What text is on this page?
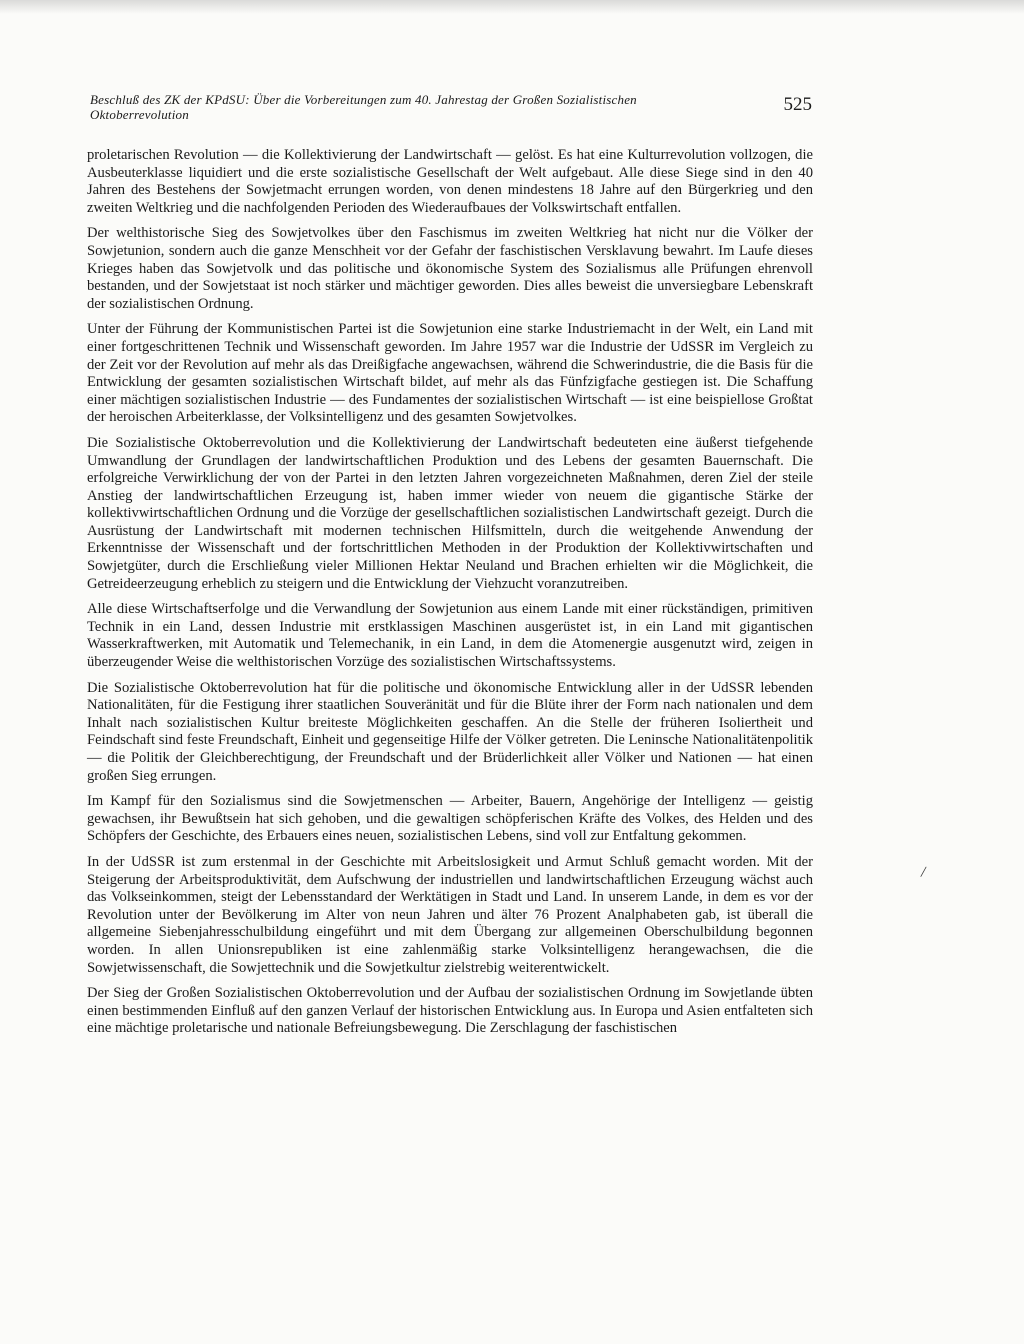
Beschluß des ZK der KPdSU: Über die Vorbereitungen zum 40. Jahrestag der Großen Sozialistischen Oktoberrevolution	525

proletarischen Revolution — die Kollektivierung der Landwirtschaft — gelöst. Es hat eine Kulturrevolution vollzogen, die Ausbeuterklasse liquidiert und die erste sozialistische Gesellschaft der Welt aufgebaut. Alle diese Siege sind in den 40 Jahren des Bestehens der Sowjetmacht errungen worden, von denen mindestens 18 Jahre auf den Bürgerkrieg und den zweiten Weltkrieg und die nachfolgenden Perioden des Wiederaufbaues der Volkswirtschaft entfallen.

Der welthistorische Sieg des Sowjetvolkes über den Faschismus im zweiten Weltkrieg hat nicht nur die Völker der Sowjetunion, sondern auch die ganze Menschheit vor der Gefahr der faschistischen Versklavung bewahrt. Im Laufe dieses Krieges haben das Sowjetvolk und das politische und ökonomische System des Sozialismus alle Prüfungen ehrenvoll bestanden, und der Sowjetstaat ist noch stärker und mächtiger geworden. Dies alles beweist die unversiegbare Lebenskraft der sozialistischen Ordnung.

Unter der Führung der Kommunistischen Partei ist die Sowjetunion eine starke Industriemacht in der Welt, ein Land mit einer fortgeschrittenen Technik und Wissenschaft geworden. Im Jahre 1957 war die Industrie der UdSSR im Vergleich zu der Zeit vor der Revolution auf mehr als das Dreißigfache angewachsen, während die Schwerindustrie, die die Basis für die Entwicklung der gesamten sozialistischen Wirtschaft bildet, auf mehr als das Fünfzigfache gestiegen ist. Die Schaffung einer mächtigen sozialistischen Industrie — des Fundamentes der sozialistischen Wirtschaft — ist eine beispiellose Großtat der heroischen Arbeiterklasse, der Volksintelligenz und des gesamten Sowjetvolkes.

Die Sozialistische Oktoberrevolution und die Kollektivierung der Landwirtschaft bedeuteten eine äußerst tiefgehende Umwandlung der Grundlagen der landwirtschaftlichen Produktion und des Lebens der gesamten Bauernschaft. Die erfolgreiche Verwirklichung der von der Partei in den letzten Jahren vorgezeichneten Maßnahmen, deren Ziel der steile Anstieg der landwirtschaftlichen Erzeugung ist, haben immer wieder von neuem die gigantische Stärke der kollektivwirtschaftlichen Ordnung und die Vorzüge der gesellschaftlichen sozialistischen Landwirtschaft gezeigt. Durch die Ausrüstung der Landwirtschaft mit modernen technischen Hilfsmitteln, durch die weitgehende Anwendung der Erkenntnisse der Wissenschaft und der fortschrittlichen Methoden in der Produktion der Kollektivwirtschaften und Sowjetgüter, durch die Erschließung vieler Millionen Hektar Neuland und Brachen erhielten wir die Möglichkeit, die Getreideerzeugung erheblich zu steigern und die Entwicklung der Viehzucht voranzutreiben.

Alle diese Wirtschaftserfolge und die Verwandlung der Sowjetunion aus einem Lande mit einer rückständigen, primitiven Technik in ein Land, dessen Industrie mit erstklassigen Maschinen ausgerüstet ist, in ein Land mit gigantischen Wasserkraftwerken, mit Automatik und Telemechanik, in ein Land, in dem die Atomenergie ausgenutzt wird, zeigen in überzeugender Weise die welthistorischen Vorzüge des sozialistischen Wirtschaftssystems.

Die Sozialistische Oktoberrevolution hat für die politische und ökonomische Entwicklung aller in der UdSSR lebenden Nationalitäten, für die Festigung ihrer staatlichen Souveränität und für die Blüte ihrer der Form nach nationalen und dem Inhalt nach sozialistischen Kultur breiteste Möglichkeiten geschaffen. An die Stelle der früheren Isoliertheit und Feindschaft sind feste Freundschaft, Einheit und gegenseitige Hilfe der Völker getreten. Die Leninsche Nationalitätenpolitik — die Politik der Gleichberechtigung, der Freundschaft und der Brüderlichkeit aller Völker und Nationen — hat einen großen Sieg errungen.

Im Kampf für den Sozialismus sind die Sowjetmenschen — Arbeiter, Bauern, Angehörige der Intelligenz — geistig gewachsen, ihr Bewußtsein hat sich gehoben, und die gewaltigen schöpferischen Kräfte des Volkes, des Helden und des Schöpfers der Geschichte, des Erbauers eines neuen, sozialistischen Lebens, sind voll zur Entfaltung gekommen.

In der UdSSR ist zum erstenmal in der Geschichte mit Arbeitslosigkeit und Armut Schluß gemacht worden. Mit der Steigerung der Arbeitsproduktivität, dem Aufschwung der industriellen und landwirtschaftlichen Erzeugung wächst auch das Volkseinkommen, steigt der Lebensstandard der Werktätigen in Stadt und Land. In unserem Lande, in dem es vor der Revolution unter der Bevölkerung im Alter von neun Jahren und älter 76 Prozent Analphabeten gab, ist überall die allgemeine Siebenjahresschulbildung eingeführt und mit dem Übergang zur allgemeinen Oberschulbildung begonnen worden. In allen Unionsrepubliken ist eine zahlenmäßig starke Volksintelligenz herangewachsen, die die Sowjetwissenschaft, die Sowjettechnik und die Sowjetkultur zielstrebig weiterentwickelt.

Der Sieg der Großen Sozialistischen Oktoberrevolution und der Aufbau der sozialistischen Ordnung im Sowjetlande übten einen bestimmenden Einfluß auf den ganzen Verlauf der historischen Entwicklung aus. In Europa und Asien entfalteten sich eine mächtige proletarische und nationale Befreiungsbewegung. Die Zerschlagung der faschistischen

/
